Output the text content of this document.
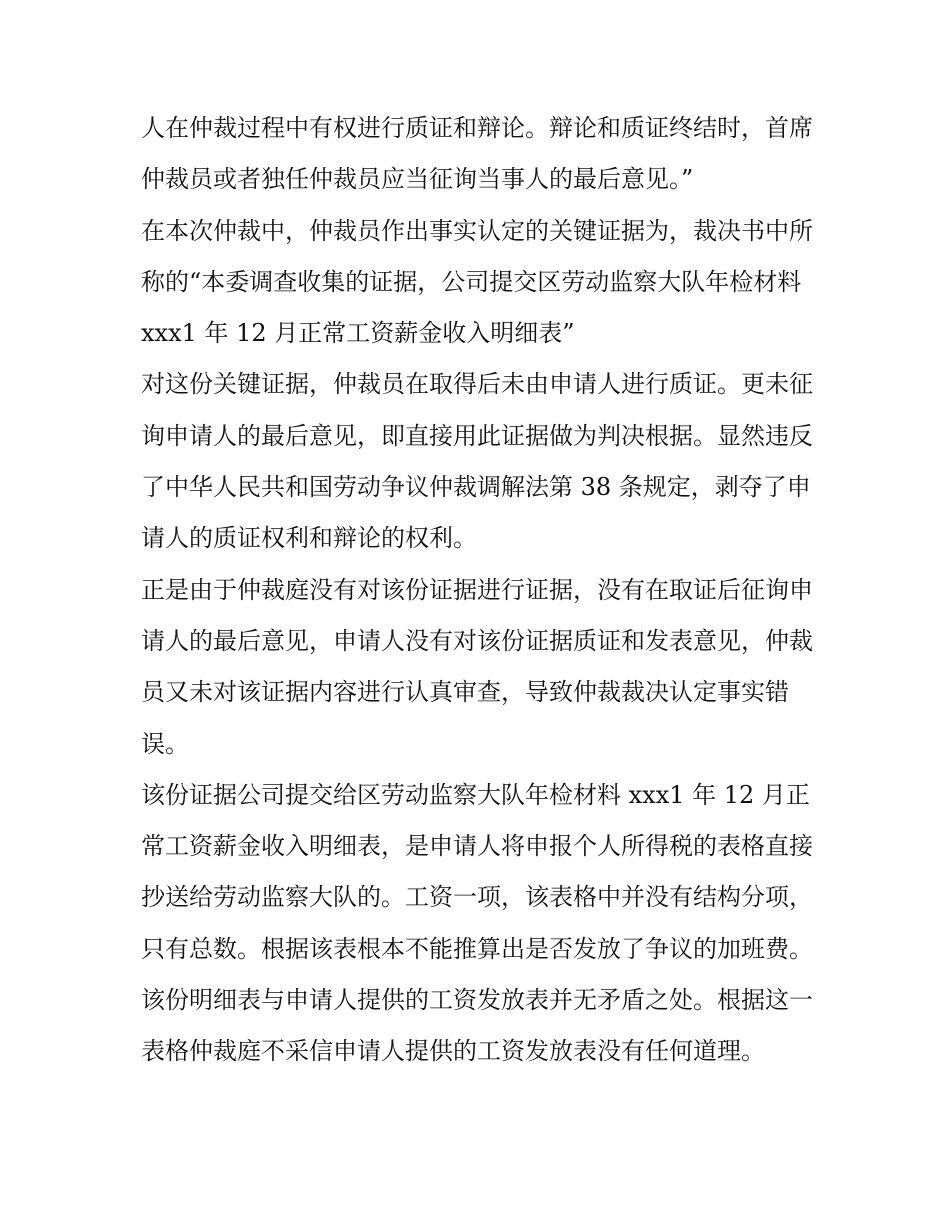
人在仲裁过程中有权进行质证和辩论。辩论和质证终结时，首席仲裁员或者独任仲裁员应当征询当事人的最后意见。”

在本次仲裁中，仲裁员作出事实认定的关键证据为，裁决书中所称的“本委调查收集的证据，公司提交区劳动监察大队年检材料 xxx1 年 12 月正常工资薪金收入明细表”

对这份关键证据，仲裁员在取得后未由申请人进行质证。更未征询申请人的最后意见，即直接用此证据做为判决根据。显然违反了中华人民共和国劳动争议仲裁调解法第 38 条规定，剥夺了申请人的质证权利和辩论的权利。

正是由于仲裁庭没有对该份证据进行证据，没有在取证后征询申请人的最后意见，申请人没有对该份证据质证和发表意见，仲裁员又未对该证据内容进行认真审查，导致仲裁裁决认定事实错误。

该份证据公司提交给区劳动监察大队年检材料 xxx1 年 12 月正常工资薪金收入明细表，是申请人将申报个人所得税的表格直接抄送给劳动监察大队的。工资一项，该表格中并没有结构分项，只有总数。根据该表根本不能推算出是否发放了争议的加班费。该份明细表与申请人提供的工资发放表并无矛盾之处。根据这一表格仲裁庭不采信申请人提供的工资发放表没有任何道理。
